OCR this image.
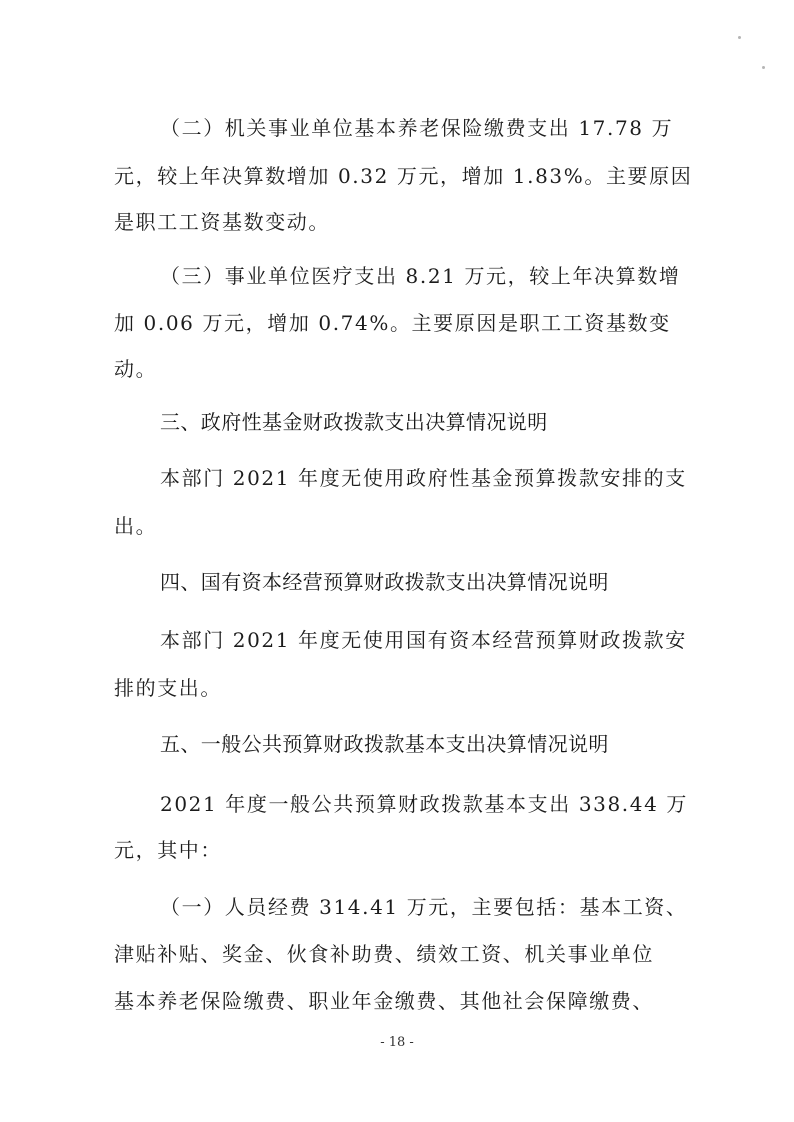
（二）机关事业单位基本养老保险缴费支出 17.78 万
元，较上年决算数增加 0.32 万元，增加 1.83%。主要原因
是职工工资基数变动。
（三）事业单位医疗支出 8.21 万元，较上年决算数增
加 0.06 万元，增加 0.74%。主要原因是职工工资基数变
动。
三、政府性基金财政拨款支出决算情况说明
本部门 2021 年度无使用政府性基金预算拨款安排的支
出。
四、国有资本经营预算财政拨款支出决算情况说明
本部门 2021 年度无使用国有资本经营预算财政拨款安
排的支出。
五、一般公共预算财政拨款基本支出决算情况说明
2021 年度一般公共预算财政拨款基本支出 338.44 万
元，其中：
（一）人员经费 314.41 万元，主要包括：基本工资、
津贴补贴、奖金、伙食补助费、绩效工资、机关事业单位
基本养老保险缴费、职业年金缴费、其他社会保障缴费、
- 18 -
